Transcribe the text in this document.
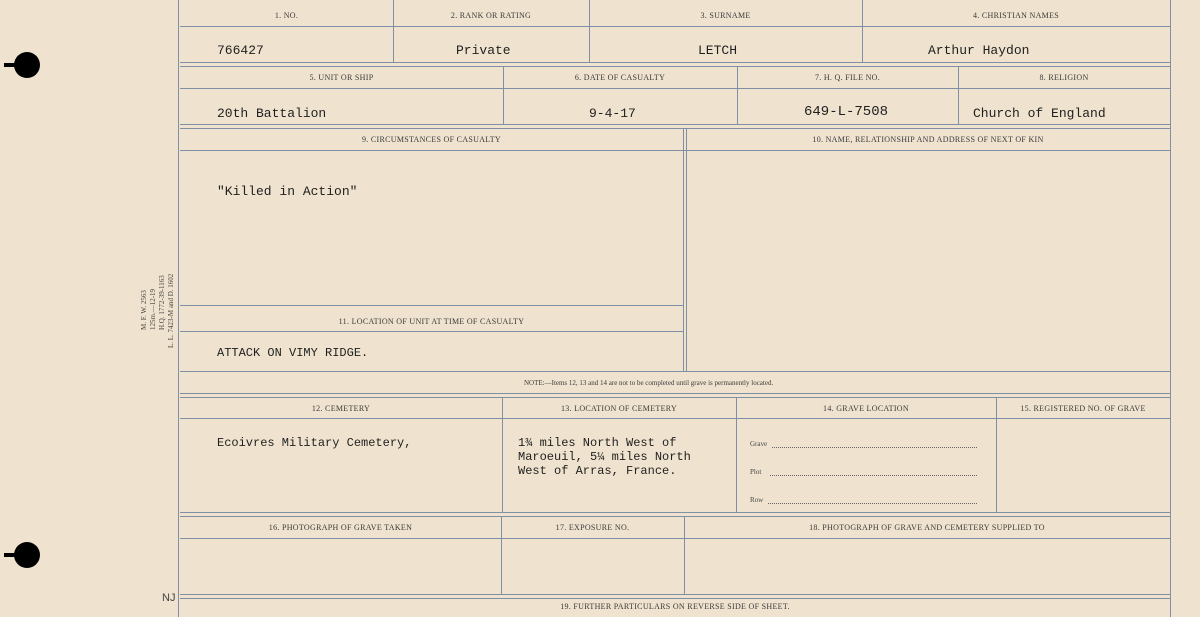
M. F. W. 2563 125m.—12-19 H.Q. 1772-39-1163 L. L. 7423-M and D. 1602
NJ
1. NO.	2. RANK OR RATING	3. SURNAME	4. CHRISTIAN NAMES
766427	Private	LETCH	Arthur Haydon
5. UNIT OR SHIP	6. DATE OF CASUALTY	7. H. Q. FILE NO.	8. RELIGION
20th Battalion	9-4-17	649-L-7508	Church of England
9. CIRCUMSTANCES OF CASUALTY	10. NAME, RELATIONSHIP AND ADDRESS OF NEXT OF KIN
"Killed in Action"
11. LOCATION OF UNIT AT TIME OF CASUALTY
ATTACK ON VIMY RIDGE.
NOTE:—Items 12, 13 and 14 are not to be completed until grave is permanently located.
12. CEMETERY	13. LOCATION OF CEMETERY	14. GRAVE LOCATION	15. REGISTERED NO. OF GRAVE
Ecoivres Military Cemetery,	1¾ miles North West of
Maroeuil, 5¼ miles North
West of Arras, France.
Grave
Plot
Row
16. PHOTOGRAPH OF GRAVE TAKEN	17. EXPOSURE NO.	18. PHOTOGRAPH OF GRAVE AND CEMETERY SUPPLIED TO
19. FURTHER PARTICULARS ON REVERSE SIDE OF SHEET.
